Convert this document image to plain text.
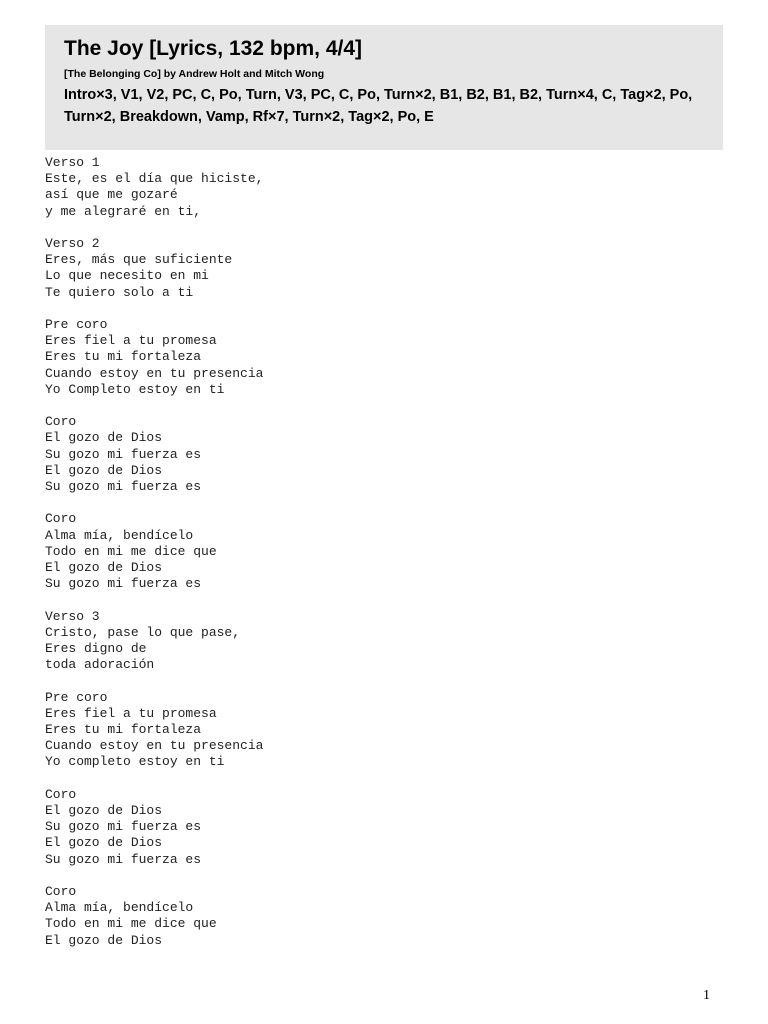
The Joy [Lyrics, 132 bpm, 4/4]
[The Belonging Co] by Andrew Holt and Mitch Wong
Intro×3, V1, V2, PC, C, Po, Turn, V3, PC, C, Po, Turn×2, B1, B2, B1, B2, Turn×4, C, Tag×2, Po, Turn×2, Breakdown, Vamp, Rf×7, Turn×2, Tag×2, Po, E
Verso 1
Este, es el día que hiciste,
así que me gozaré
y me alegraré en ti,
Verso 2
Eres, más que suficiente
Lo que necesito en mi
Te quiero solo a ti
Pre coro
Eres fiel a tu promesa
Eres tu mi fortaleza
Cuando estoy en tu presencia
Yo Completo estoy en ti
Coro
El gozo de Dios
Su gozo mi fuerza es
El gozo de Dios
Su gozo mi fuerza es
Coro
Alma mía, bendícelo
Todo en mi me dice que
El gozo de Dios
Su gozo mi fuerza es
Verso 3
Cristo, pase lo que pase,
Eres digno de
toda adoración
Pre coro
Eres fiel a tu promesa
Eres tu mi fortaleza
Cuando estoy en tu presencia
Yo completo estoy en ti
Coro
El gozo de Dios
Su gozo mi fuerza es
El gozo de Dios
Su gozo mi fuerza es
Coro
Alma mía, bendícelo
Todo en mi me dice que
El gozo de Dios
1
